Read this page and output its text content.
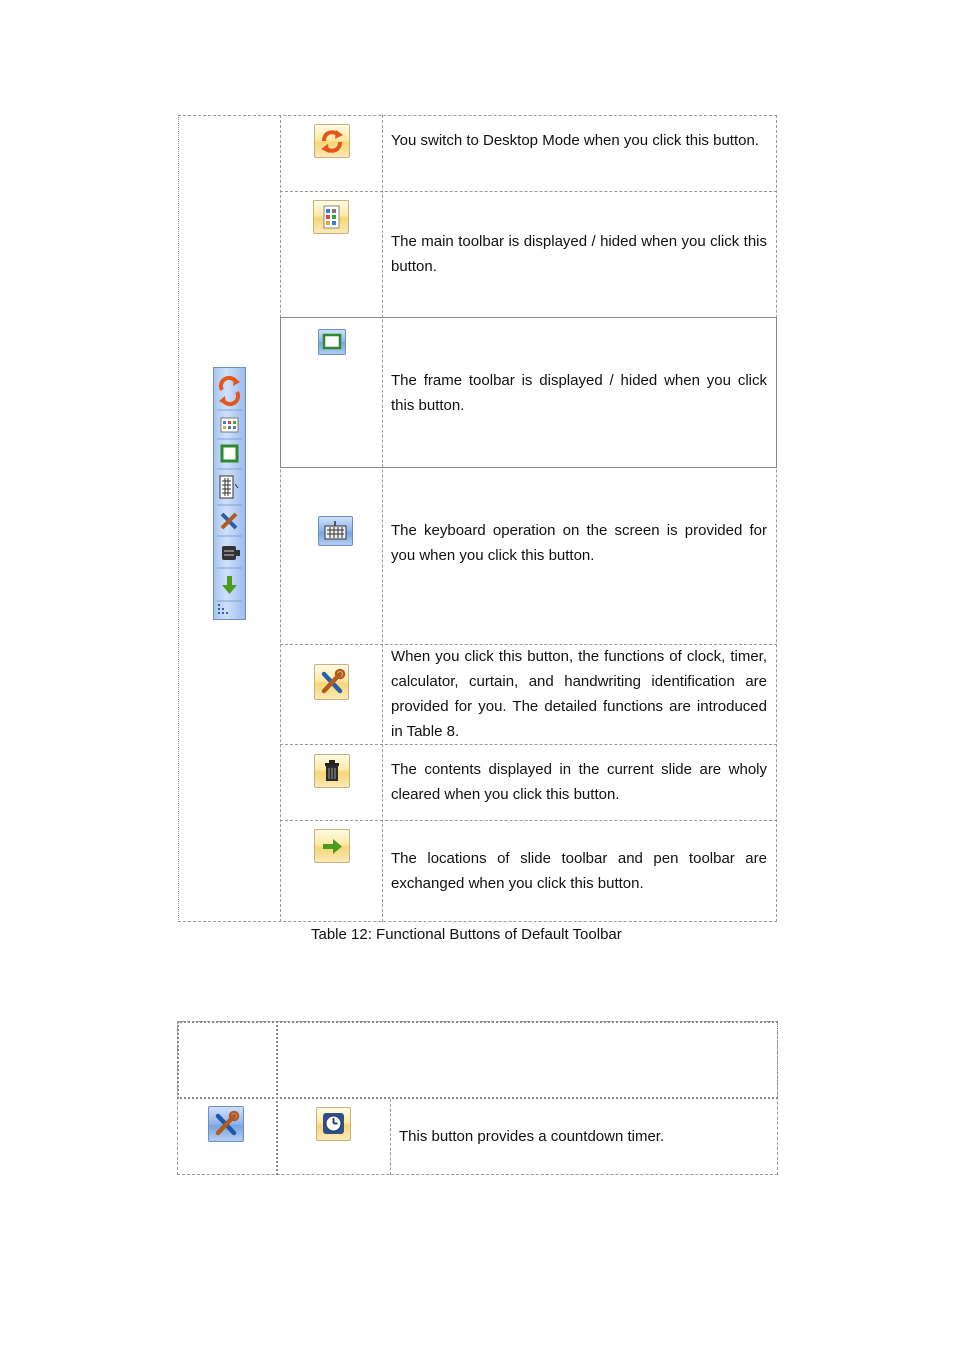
You switch to Desktop Mode when you click this button.
The main toolbar is displayed / hided when you click this button.
The frame toolbar is displayed / hided when you click this button.
The keyboard operation on the screen is provided for you when you click this button.
When you click this button, the functions of clock, timer, calculator, curtain, and handwriting identification are provided for you. The detailed functions are introduced in Table 8.
The contents displayed in the current slide are wholy cleared when you click this button.
The locations of slide toolbar and pen toolbar are exchanged when you click this button.
Table 12: Functional Buttons of Default Toolbar
This button provides a countdown timer.
